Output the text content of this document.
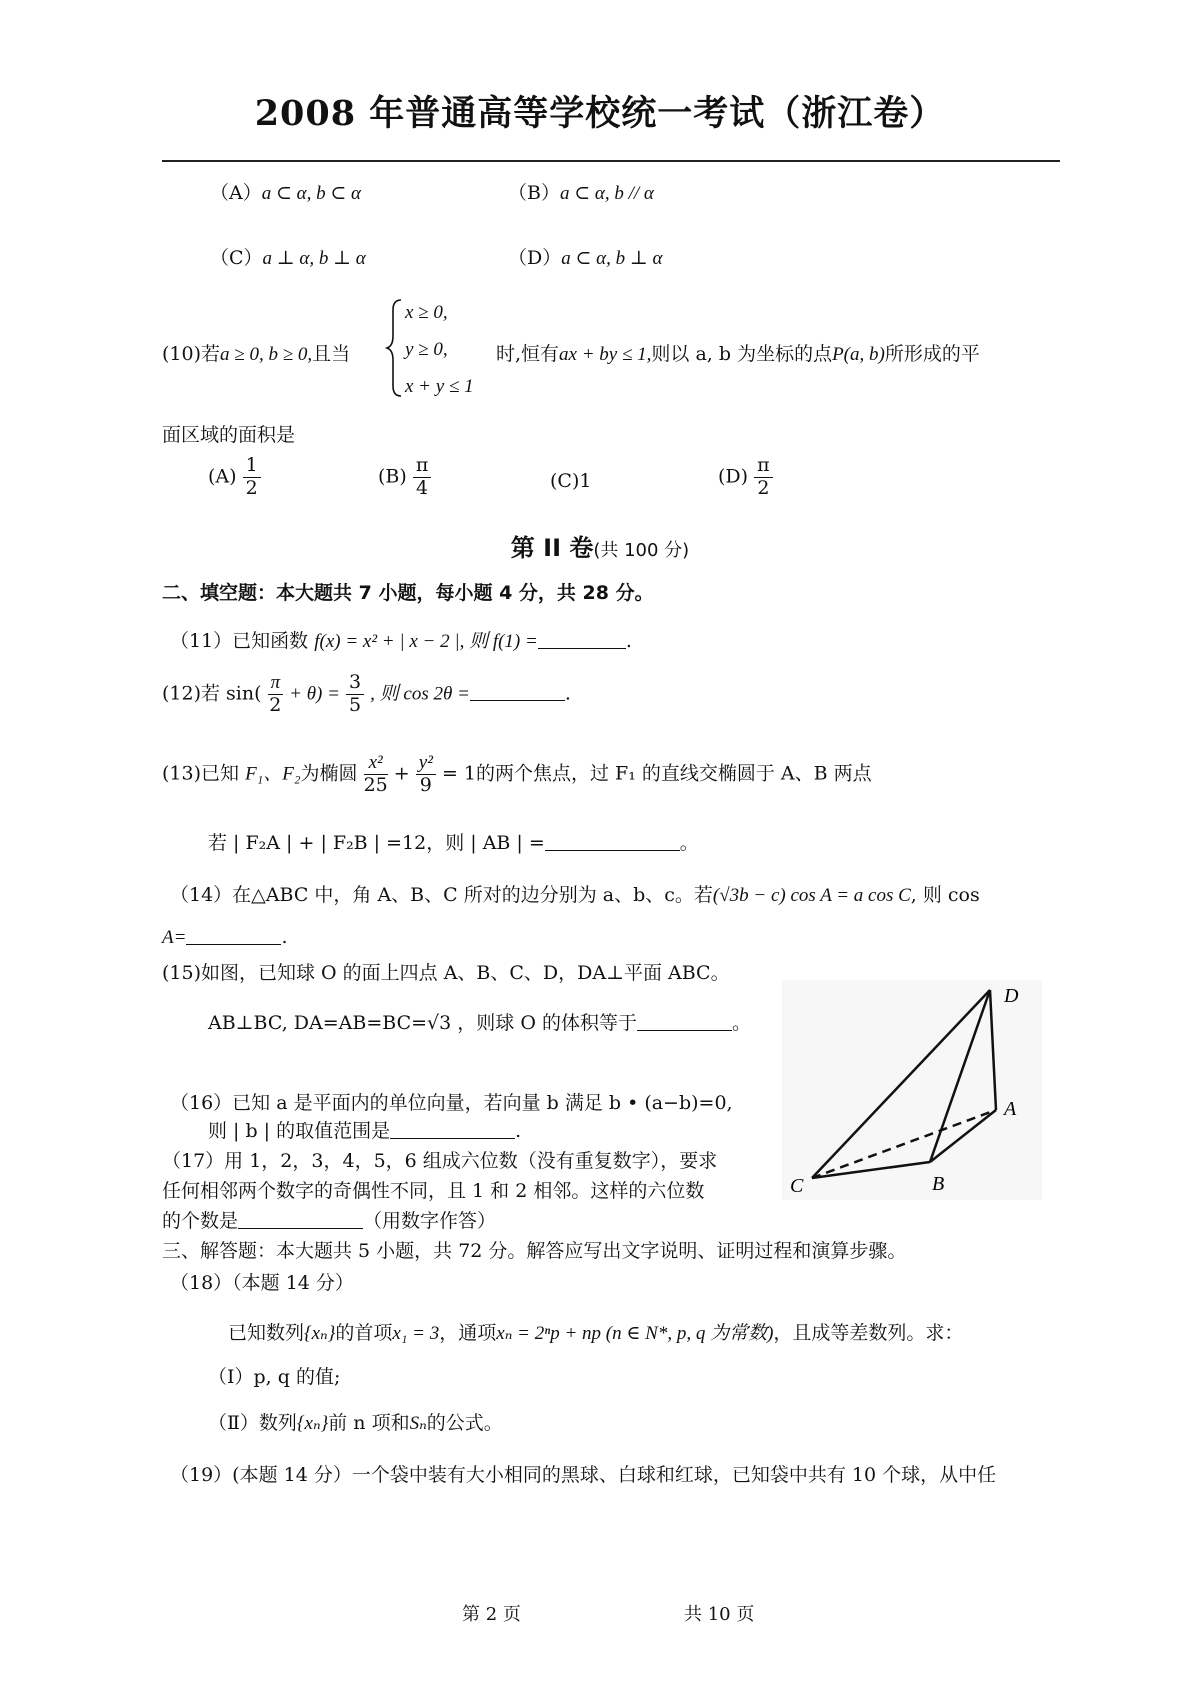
2008 年普通高等学校统一考试（浙江卷）
（A）a ⊂ α, b ⊂ α	（B）a ⊂ α, b // α
（C）a ⊥ α, b ⊥ α	（D）a ⊂ α, b ⊥ α
(10)若a ≥ 0, b ≥ 0,且当
x ≥ 0,
y ≥ 0,
x + y ≤ 1
时,恒有ax + by ≤ 1,则以 a, b 为坐标的点P(a, b)所形成的平
面区域的面积是
$(A) \frac{1}{2}$	$(B) \frac{\pi}{4}$	(C)1	$(D) \frac{\pi}{2}$
第 II 卷(共 100 分)
二、填空题：本大题共 7 小题，每小题 4 分，共 28 分。
（11）已知函数 f(x) = x² + | x − 2 |, 则 f(1) =	.
(12)若 $\sin( \frac{\pi}{2} + \theta) = \frac{3}{5}$ , 则 cos 2θ =	.
(13)已知 F₁、F₂为椭圆 $\frac{\text{x²}}{25} + \frac{\text{y²}}{9} = 1$的两个焦点，过 F₁ 的直线交椭圆于 A、B 两点
若 | F₂A | + | F₂B | =12，则 | AB | =	。
（14）在△ABC 中，角 A、B、C 所对的边分别为 a、b、c。若(√3b − c) cos A = a cos C, 则 cos
A=	.
(15)如图，已知球 O 的面上四点 A、B、C、D，DA⊥平面 ABC。
AB⊥BC, DA=AB=BC=√3 ，则球 O 的体积等于	。
D
A
B
C
（16）已知 a 是平面内的单位向量，若向量 b 满足 b • (a−b)=0,
则 | b | 的取值范围是	.
（17）用 1，2，3，4，5，6 组成六位数（没有重复数字），要求
任何相邻两个数字的奇偶性不同，且 1 和 2 相邻。这样的六位数
的个数是	（用数字作答）
三、解答题：本大题共 5 小题，共 72 分。解答应写出文字说明、证明过程和演算步骤。
（18）（本题 14 分）
已知数列{xₙ}的首项x₁ = 3，通项xₙ = 2ⁿp + np (n ∈ N*, p, q 为常数)，且成等差数列。求：
（Ⅰ）p, q 的值;
（Ⅱ）数列{xₙ}前 n 项和Sₙ的公式。
（19）(本题 14 分）一个袋中装有大小相同的黑球、白球和红球，已知袋中共有 10 个球，从中任
第 2 页	共 10 页
